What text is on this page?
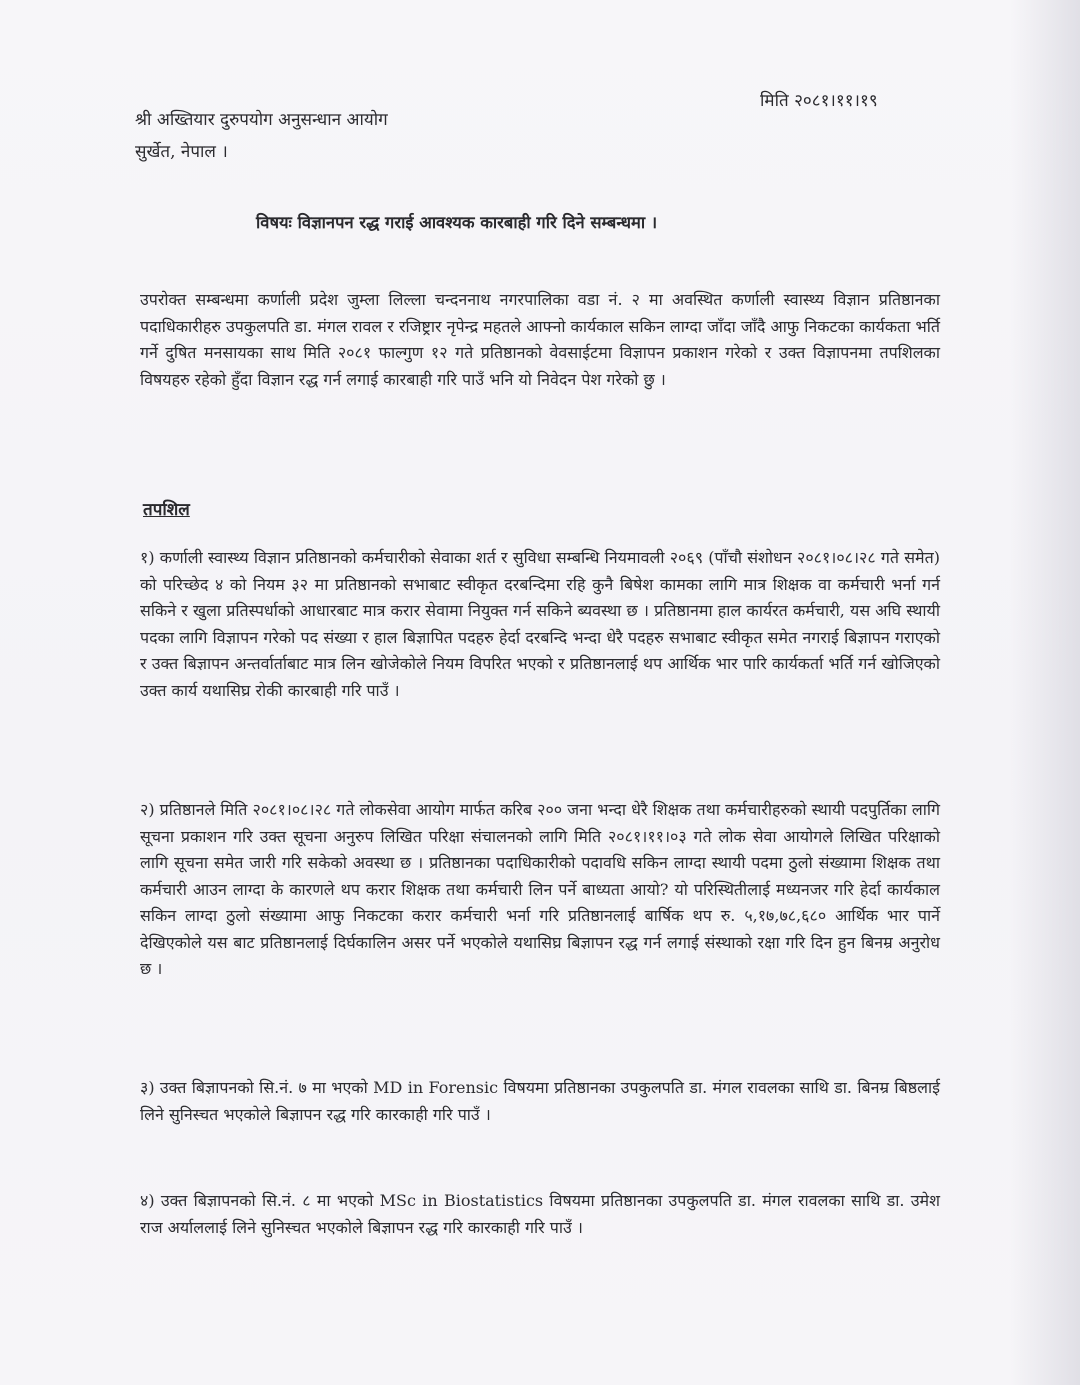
श्री अख्तियार दुरुपयोग अनुसन्धान आयोग
सुर्खेत, नेपाल ।
मिति २०८१।११।१९
विषयः विज्ञानपन रद्ध गराई आवश्यक कारबाही गरि दिने सम्बन्धमा ।

उपरोक्त सम्बन्धमा कर्णाली प्रदेश जुम्ला लिल्ला चन्दननाथ नगरपालिका वडा नं. २ मा अवस्थित कर्णाली स्वास्थ्य विज्ञान प्रतिष्ठानका पदाधिकारीहरु उपकुलपति डा. मंगल रावल र रजिष्ट्रार नृपेन्द्र महतले आफ्नो कार्यकाल सकिन लाग्दा जाँदा जाँदै आफु निकटका कार्यकता भर्ति गर्ने दुषित मनसायका साथ मिति २०८१ फाल्गुण १२ गते प्रतिष्ठानको वेवसाईटमा विज्ञापन प्रकाशन गरेको र उक्त विज्ञापनमा तपशिलका विषयहरु रहेको हुँदा विज्ञान रद्ध गर्न लगाई कारबाही गरि पाउँ भनि यो निवेदन पेश गरेको छु ।

तपशिल

१) कर्णाली स्वास्थ्य विज्ञान प्रतिष्ठानको कर्मचारीको सेवाका शर्त र सुविधा सम्बन्धि नियमावली २०६९ (पाँचौ संशोधन २०८१।०८।२८ गते समेत) को परिच्छेद ४ को नियम ३२ मा प्रतिष्ठानको सभाबाट स्वीकृत दरबन्दिमा रहि कुनै बिषेश कामका लागि मात्र शिक्षक वा कर्मचारी भर्ना गर्न सकिने र खुला प्रतिस्पर्धाको आधारबाट मात्र करार सेवामा नियुक्त गर्न सकिने ब्यवस्था छ । प्रतिष्ठानमा हाल कार्यरत कर्मचारी, यस अघि स्थायी पदका लागि विज्ञापन गरेको पद संख्या र हाल बिज्ञापित पदहरु हेर्दा दरबन्दि भन्दा धेरै पदहरु सभाबाट स्वीकृत समेत नगराई बिज्ञापन गराएको र उक्त बिज्ञापन अन्तर्वार्ताबाट मात्र लिन खोजेकोले नियम विपरित भएको र प्रतिष्ठानलाई थप आर्थिक भार पारि कार्यकर्ता भर्ति गर्न खोजिएको उक्त कार्य यथासिघ्र रोकी कारबाही गरि पाउँ ।

२) प्रतिष्ठानले मिति २०८१।०८।२८ गते लोकसेवा आयोग मार्फत करिब २०० जना भन्दा धेरै शिक्षक तथा कर्मचारीहरुको स्थायी पदपुर्तिका लागि सूचना प्रकाशन गरि उक्त सूचना अनुरुप लिखित परिक्षा संचालनको लागि मिति २०८१।११।०३ गते लोक सेवा आयोगले लिखित परिक्षाको लागि सूचना समेत जारी गरि सकेको अवस्था छ । प्रतिष्ठानका पदाधिकारीको पदावधि सकिन लाग्दा स्थायी पदमा ठुलो संख्यामा शिक्षक तथा कर्मचारी आउन लाग्दा के कारणले थप करार शिक्षक तथा कर्मचारी लिन पर्ने बाध्यता आयो? यो परिस्थितीलाई मध्यनजर गरि हेर्दा कार्यकाल सकिन लाग्दा ठुलो संख्यामा आफु निकटका करार कर्मचारी भर्ना गरि प्रतिष्ठानलाई बार्षिक थप रु. ५,१७,७८,६८० आर्थिक भार पार्ने देखिएकोले यस बाट प्रतिष्ठानलाई दिर्घकालिन असर पर्ने भएकोले यथासिघ्र बिज्ञापन रद्ध गर्न लगाई संस्थाको रक्षा गरि दिन हुन बिनम्र अनुरोध छ ।

३) उक्त बिज्ञापनको सि.नं. ७ मा भएको MD in Forensic विषयमा प्रतिष्ठानका उपकुलपति डा. मंगल रावलका साथि डा. बिनम्र बिष्ठलाई लिने सुनिस्चत भएकोले बिज्ञापन रद्ध गरि कारकाही गरि पाउँ ।

४) उक्त बिज्ञापनको सि.नं. ८ मा भएको MSc in Biostatistics विषयमा प्रतिष्ठानका उपकुलपति डा. मंगल रावलका साथि डा. उमेश राज अर्याललाई लिने सुनिस्चत भएकोले बिज्ञापन रद्ध गरि कारकाही गरि पाउँ ।
